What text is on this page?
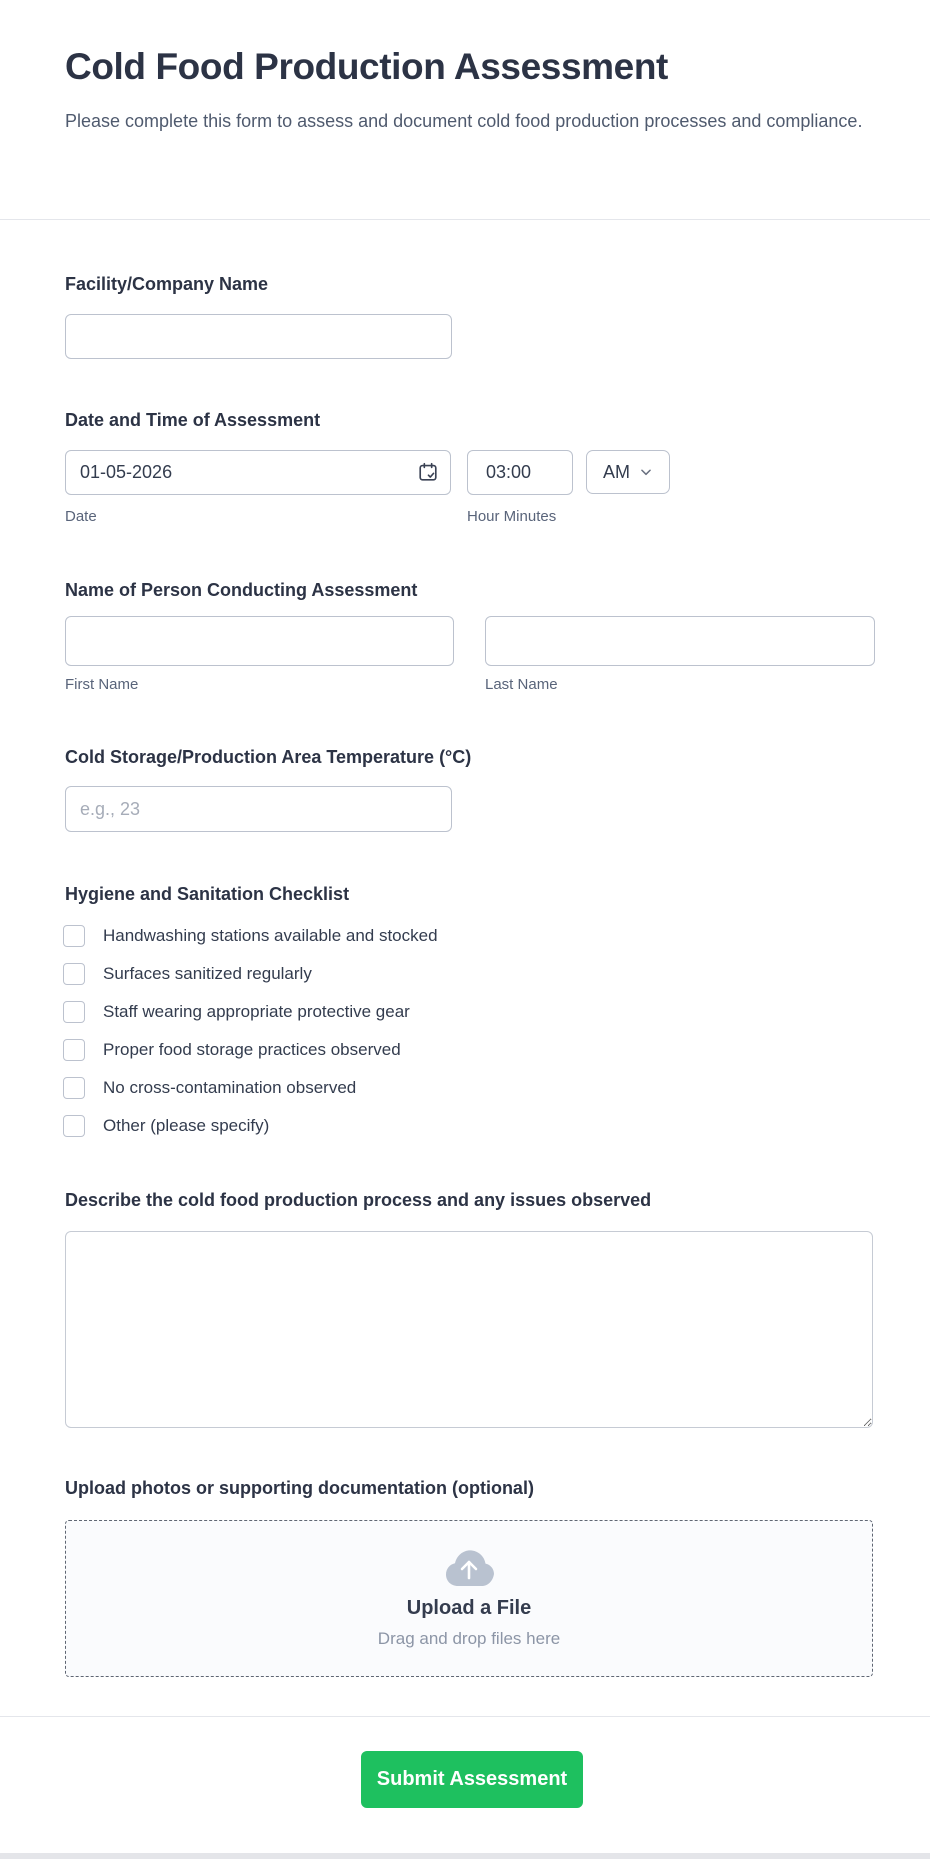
Cold Food Production Assessment

Please complete this form to assess and document cold food production processes and compliance.

Facility/Company Name
Date and Time of Assessment
01-05-2026
03:00
AM
Date	Hour Minutes
Name of Person Conducting Assessment
First Name	Last Name
Cold Storage/Production Area Temperature (°C)
e.g., 23
Hygiene and Sanitation Checklist
Handwashing stations available and stocked
Surfaces sanitized regularly
Staff wearing appropriate protective gear
Proper food storage practices observed
No cross-contamination observed
Other (please specify)
Describe the cold food production process and any issues observed
Upload photos or supporting documentation (optional)
Upload a File
Drag and drop files here
Submit Assessment
